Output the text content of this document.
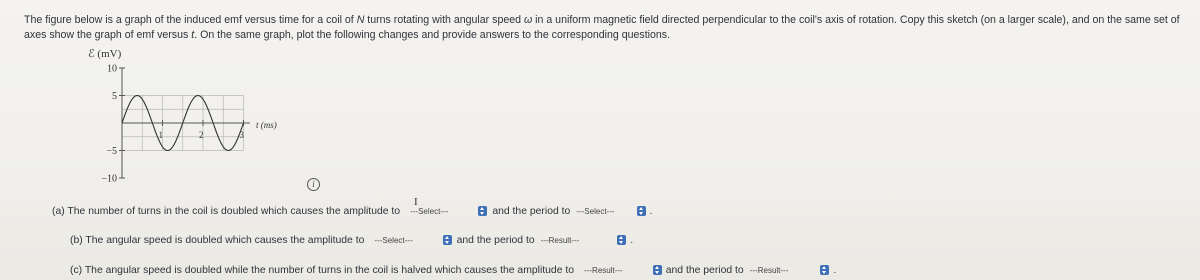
The figure below is a graph of the induced emf versus time for a coil of N turns rotating with angular speed ω in a uniform magnetic field directed perpendicular to the coil's axis of rotation. Copy this sketch (on a larger scale), and on the same set of axes show the graph of emf versus t. On the same graph, plot the following changes and provide answers to the corresponding questions.
10
5
−5
−10
1	2	3
ℰ (mV)
t (ms)
i
I
(a) The number of turns in the coil is doubled which causes the amplitude to ---Select---	and the period to ---Select---	.
(b) The angular speed is doubled which causes the amplitude to ---Select---	and the period to ---Result---	.
(c) The angular speed is doubled while the number of turns in the coil is halved which causes the amplitude to ---Result---	and the period to ---Result---	.
